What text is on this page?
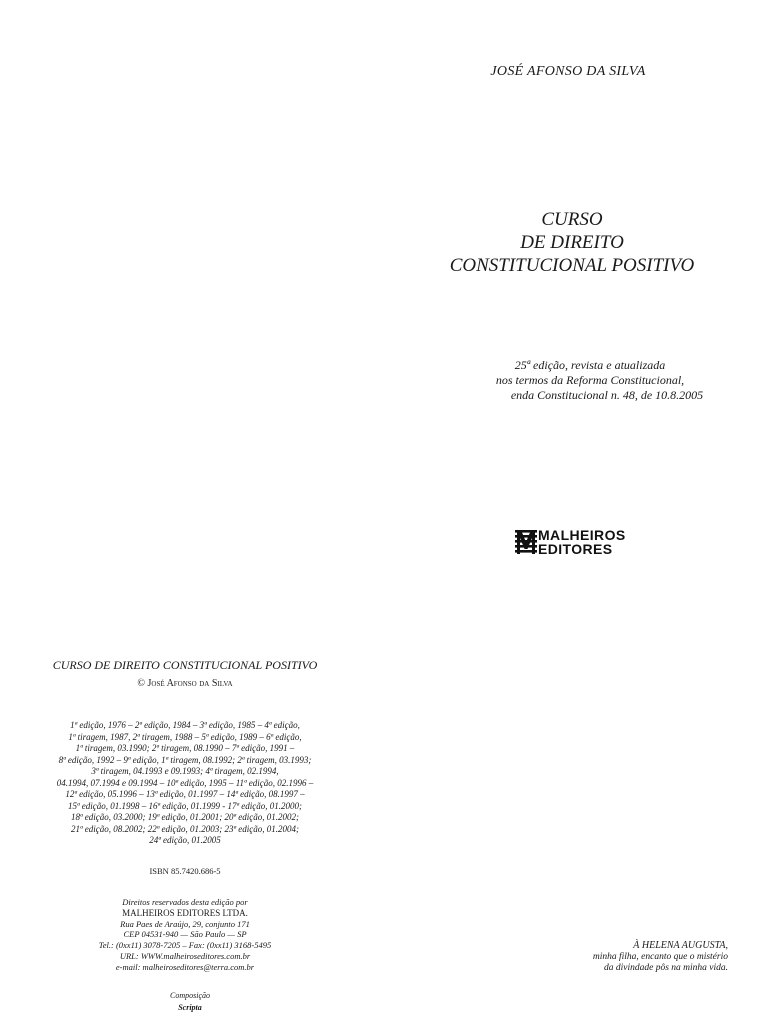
JOSÉ AFONSO DA SILVA
CURSO
DE DIREITO
CONSTITUCIONAL POSITIVO
25ª edição, revista e atualizada
nos termos da Reforma Constitucional,
enda Constitucional n. 48, de 10.8.2005
MALHEIROS
EDITORES
CURSO DE DIREITO CONSTITUCIONAL POSITIVO
© José Afonso da Silva
1ª edição, 1976 – 2ª edição, 1984 – 3ª edição, 1985 – 4ª edição,
1ª tiragem, 1987, 2ª tiragem, 1988 – 5ª edição, 1989 – 6ª edição,
1ª tiragem, 03.1990; 2ª tiragem, 08.1990 – 7ª edição, 1991 –
8ª edição, 1992 – 9ª edição, 1ª tiragem, 08.1992; 2ª tiragem, 03.1993;
3ª tiragem, 04.1993 e 09.1993; 4ª tiragem, 02.1994,
04.1994, 07.1994 e 09.1994 – 10ª edição, 1995 – 11ª edição, 02.1996 –
12ª edição, 05.1996 – 13ª edição, 01.1997 – 14ª edição, 08.1997 –
15ª edição, 01.1998 – 16ª edição, 01.1999 - 17ª edição, 01.2000;
18ª edição, 03.2000; 19ª edição, 01.2001; 20ª edição, 01.2002;
21ª edição, 08.2002; 22ª edição, 01.2003; 23ª edição, 01.2004;
24ª edição, 01.2005
ISBN 85.7420.686-5
Direitos reservados desta edição por
MALHEIROS EDITORES LTDA.
Rua Paes de Araújo, 29, conjunto 171
CEP 04531-940 — São Paulo — SP
Tel.: (0xx11) 3078-7205 – Fax: (0xx11) 3168-5495
URL: WWW.malheiroseditores.com.br
e-mail: malheiroseditores@terra.com.br
Composição
Scripta
À HELENA AUGUSTA,
minha filha, encanto que o mistério
da divindade pôs na minha vida.
